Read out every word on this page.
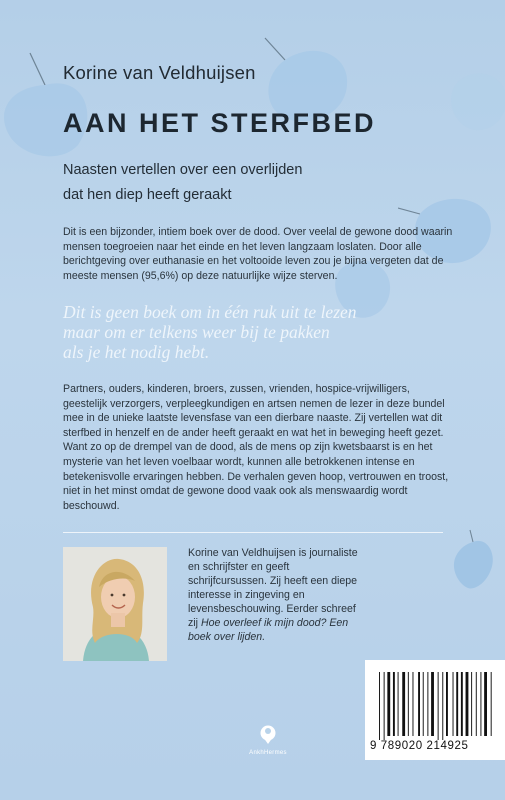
Korine van Veldhuijsen
AAN HET STERFBED
Naasten vertellen over een overlijden
dat hen diep heeft geraakt
Dit is een bijzonder, intiem boek over de dood. Over veelal de gewone dood waarin mensen toegroeien naar het einde en het leven langzaam loslaten. Door alle berichtgeving over euthanasie en het voltooide leven zou je bijna vergeten dat de meeste mensen (95,6%) op deze natuurlijke wijze sterven.
Dit is geen boek om in één ruk uit te lezen
maar om er telkens weer bij te pakken
als je het nodig hebt.
Partners, ouders, kinderen, broers, zussen, vrienden, hospice-vrijwilligers, geestelijk verzorgers, verpleegkundigen en artsen nemen de lezer in deze bundel mee in de unieke laatste levensfase van een dierbare naaste. Zij vertellen wat dit sterfbed in henzelf en de ander heeft geraakt en wat het in beweging heeft gezet. Want zo op de drempel van de dood, als de mens op zijn kwetsbaarst is en het mysterie van het leven voelbaar wordt, kunnen alle betrokkenen intense en betekenisvolle ervaringen hebben. De verhalen geven hoop, vertrouwen en troost, niet in het minst omdat de gewone dood vaak ook als menswaardig wordt beschouwd.
Korine van Veldhuijsen is journaliste en schrijfster en geeft schrijfcursussen. Zij heeft een diepe interesse in zingeving en levensbeschouwing. Eerder schreef zij Hoe overleef ik mijn dood? Een boek over lijden.
AnkhHermes
9 789020 214925
